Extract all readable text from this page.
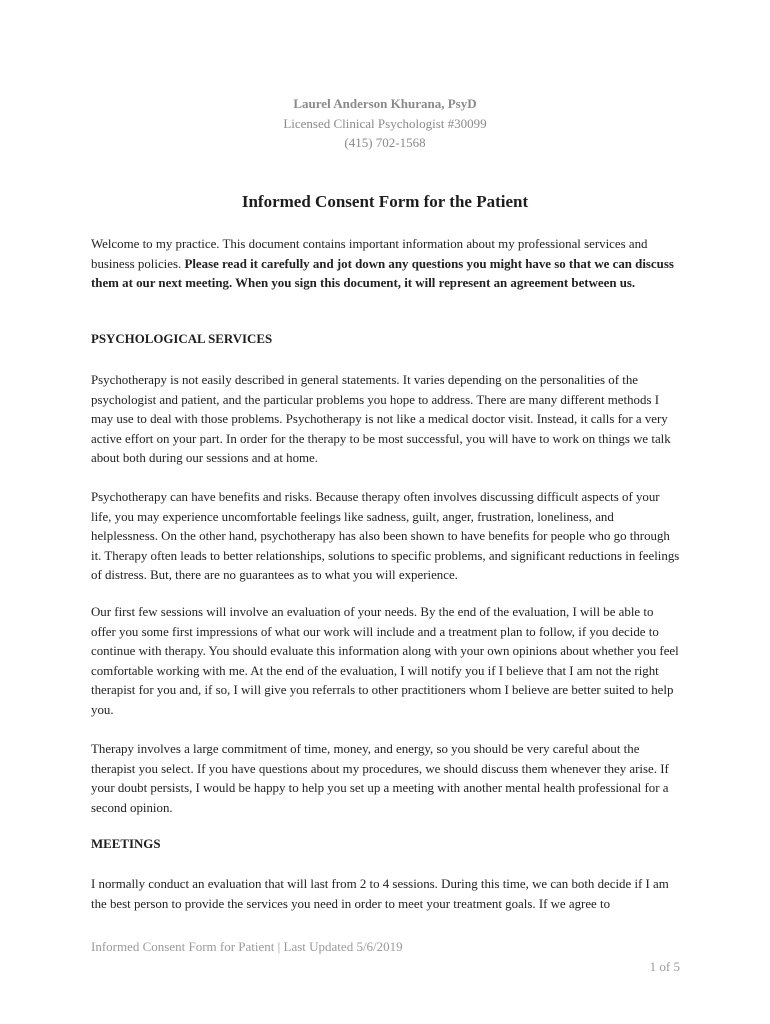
Laurel Anderson Khurana, PsyD
Licensed Clinical Psychologist #30099
(415) 702-1568
Informed Consent Form for the Patient

Welcome to my practice. This document contains important information about my professional services and business policies. Please read it carefully and jot down any questions you might have so that we can discuss them at our next meeting. When you sign this document, it will represent an agreement between us.

PSYCHOLOGICAL SERVICES

Psychotherapy is not easily described in general statements. It varies depending on the personalities of the psychologist and patient, and the particular problems you hope to address. There are many different methods I may use to deal with those problems. Psychotherapy is not like a medical doctor visit. Instead, it calls for a very active effort on your part. In order for the therapy to be most successful, you will have to work on things we talk about both during our sessions and at home.

Psychotherapy can have benefits and risks. Because therapy often involves discussing difficult aspects of your life, you may experience uncomfortable feelings like sadness, guilt, anger, frustration, loneliness, and helplessness. On the other hand, psychotherapy has also been shown to have benefits for people who go through it. Therapy often leads to better relationships, solutions to specific problems, and significant reductions in feelings of distress. But, there are no guarantees as to what you will experience.

Our first few sessions will involve an evaluation of your needs. By the end of the evaluation, I will be able to offer you some first impressions of what our work will include and a treatment plan to follow, if you decide to continue with therapy. You should evaluate this information along with your own opinions about whether you feel comfortable working with me. At the end of the evaluation, I will notify you if I believe that I am not the right therapist for you and, if so, I will give you referrals to other practitioners whom I believe are better suited to help you.

Therapy involves a large commitment of time, money, and energy, so you should be very careful about the therapist you select. If you have questions about my procedures, we should discuss them whenever they arise. If your doubt persists, I would be happy to help you set up a meeting with another mental health professional for a second opinion.

MEETINGS

I normally conduct an evaluation that will last from 2 to 4 sessions. During this time, we can both decide if I am the best person to provide the services you need in order to meet your treatment goals. If we agree to

Informed Consent Form for Patient | Last Updated 5/6/2019
1 of 5
